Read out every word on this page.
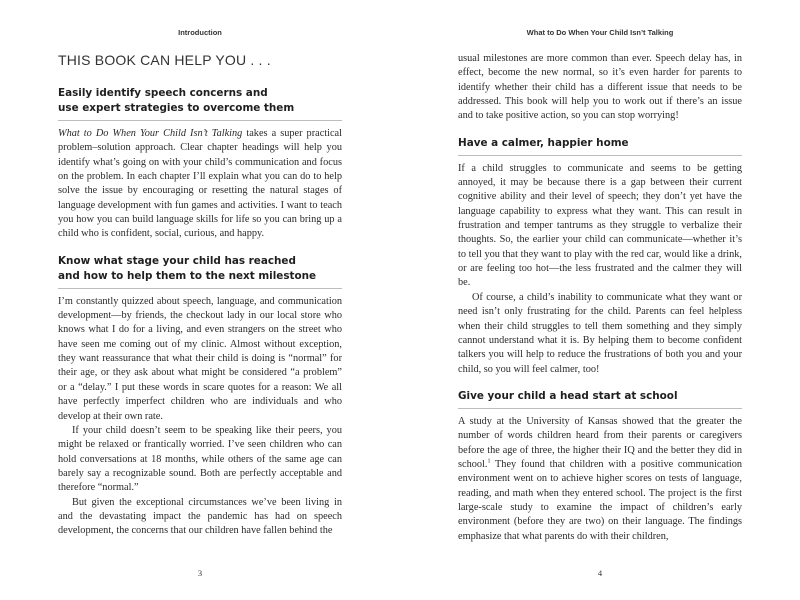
Introduction
THIS BOOK CAN HELP YOU . . .
Easily identify speech concerns and
use expert strategies to overcome them

What to Do When Your Child Isn’t Talking takes a super practical problem–solution approach. Clear chapter headings will help you identify what’s going on with your child’s communication and focus on the problem. In each chapter I’ll explain what you can do to help solve the issue by encouraging or resetting the natural stages of language development with fun games and activities. I want to teach you how you can build language skills for life so you can bring up a child who is confident, social, curious, and happy.

Know what stage your child has reached
and how to help them to the next milestone

I’m constantly quizzed about speech, language, and communication development—by friends, the checkout lady in our local store who knows what I do for a living, and even strangers on the street who have seen me coming out of my clinic. Almost without exception, they want reassurance that what their child is doing is “normal” for their age, or they ask about what might be considered “a problem” or a “delay.” I put these words in scare quotes for a reason: We all have perfectly imperfect children who are individuals and who develop at their own rate.

If your child doesn’t seem to be speaking like their peers, you might be relaxed or frantically worried. I’ve seen children who can hold conversations at 18 months, while others of the same age can barely say a recognizable sound. Both are perfectly acceptable and therefore “normal.”

But given the exceptional circumstances we’ve been living in and the devastating impact the pandemic has had on speech development, the concerns that our children have fallen behind the

3
What to Do When Your Child Isn’t Talking

usual milestones are more common than ever. Speech delay has, in effect, become the new normal, so it’s even harder for parents to identify whether their child has a different issue that needs to be addressed. This book will help you to work out if there’s an issue and to take positive action, so you can stop worrying!

Have a calmer, happier home

If a child struggles to communicate and seems to be getting annoyed, it may be because there is a gap between their current cognitive ability and their level of speech; they don’t yet have the language capability to express what they want. This can result in frustration and temper tantrums as they struggle to verbalize their thoughts. So, the earlier your child can communicate—whether it’s to tell you that they want to play with the red car, would like a drink, or are feeling too hot—the less frustrated and the calmer they will be.

Of course, a child’s inability to communicate what they want or need isn’t only frustrating for the child. Parents can feel helpless when their child struggles to tell them something and they simply cannot understand what it is. By helping them to become confident talkers you will help to reduce the frustrations of both you and your child, so you will feel calmer, too!

Give your child a head start at school

A study at the University of Kansas showed that the greater the number of words children heard from their parents or caregivers before the age of three, the higher their IQ and the better they did in school.$^1$ They found that children with a positive communication environment went on to achieve higher scores on tests of language, reading, and math when they entered school. The project is the first large-scale study to examine the impact of children’s early environment (before they are two) on their language. The findings emphasize that what parents do with their children,

4
